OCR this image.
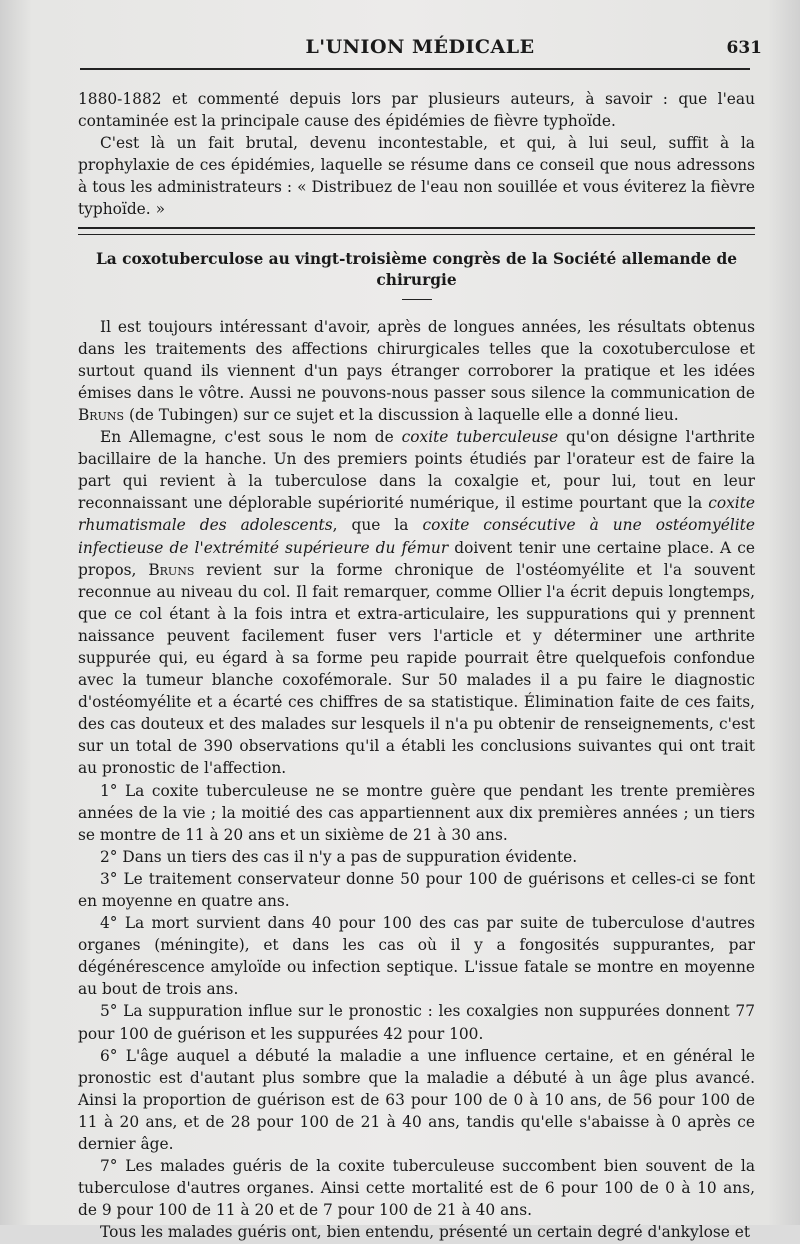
L'UNION MÉDICALE	631

1880-1882 et commenté depuis lors par plusieurs auteurs, à savoir : que l'eau contaminée est la principale cause des épidémies de fièvre typhoïde.

C'est là un fait brutal, devenu incontestable, et qui, à lui seul, suffit à la prophylaxie de ces épidémies, laquelle se résume dans ce conseil que nous adressons à tous les administrateurs : « Distribuez de l'eau non souillée et vous éviterez la fièvre typhoïde. »

La coxotuberculose au vingt-troisième congrès de la Société allemande de chirurgie

Il est toujours intéressant d'avoir, après de longues années, les résultats obtenus dans les traitements des affections chirurgicales telles que la coxotuberculose et surtout quand ils viennent d'un pays étranger corroborer la pratique et les idées émises dans le vôtre. Aussi ne pouvons-nous passer sous silence la communication de Bruns (de Tubingen) sur ce sujet et la discussion à laquelle elle a donné lieu.

En Allemagne, c'est sous le nom de coxite tuberculeuse qu'on désigne l'arthrite bacillaire de la hanche. Un des premiers points étudiés par l'orateur est de faire la part qui revient à la tuberculose dans la coxalgie et, pour lui, tout en leur reconnaissant une déplorable supériorité numérique, il estime pourtant que la coxite rhumatismale des adolescents, que la coxite consécutive à une ostéomyélite infectieuse de l'extrémité supérieure du fémur doivent tenir une certaine place. A ce propos, Bruns revient sur la forme chronique de l'ostéomyélite et l'a souvent reconnue au niveau du col. Il fait remarquer, comme Ollier l'a écrit depuis longtemps, que ce col étant à la fois intra et extra-articulaire, les suppurations qui y prennent naissance peuvent facilement fuser vers l'article et y déterminer une arthrite suppurée qui, eu égard à sa forme peu rapide pourrait être quelquefois confondue avec la tumeur blanche coxofémorale. Sur 50 malades il a pu faire le diagnostic d'ostéomyélite et a écarté ces chiffres de sa statistique. Élimination faite de ces faits, des cas douteux et des malades sur lesquels il n'a pu obtenir de renseignements, c'est sur un total de 390 observations qu'il a établi les conclusions suivantes qui ont trait au pronostic de l'affection.

1° La coxite tuberculeuse ne se montre guère que pendant les trente premières années de la vie ; la moitié des cas appartiennent aux dix premières années ; un tiers se montre de 11 à 20 ans et un sixième de 21 à 30 ans.

2° Dans un tiers des cas il n'y a pas de suppuration évidente.

3° Le traitement conservateur donne 50 pour 100 de guérisons et celles-ci se font en moyenne en quatre ans.

4° La mort survient dans 40 pour 100 des cas par suite de tuberculose d'autres organes (méningite), et dans les cas où il y a fongosités suppurantes, par dégénérescence amyloïde ou infection septique. L'issue fatale se montre en moyenne au bout de trois ans.

5° La suppuration influe sur le pronostic : les coxalgies non suppurées donnent 77 pour 100 de guérison et les suppurées 42 pour 100.

6° L'âge auquel a débuté la maladie a une influence certaine, et en général le pronostic est d'autant plus sombre que la maladie a débuté à un âge plus avancé. Ainsi la proportion de guérison est de 63 pour 100 de 0 à 10 ans, de 56 pour 100 de 11 à 20 ans, et de 28 pour 100 de 21 à 40 ans, tandis qu'elle s'abaisse à 0 après ce dernier âge.

7° Les malades guéris de la coxite tuberculeuse succombent bien souvent de la tuberculose d'autres organes. Ainsi cette mortalité est de 6 pour 100 de 0 à 10 ans, de 9 pour 100 de 11 à 20 et de 7 pour 100 de 21 à 40 ans.

Tous les malades guéris ont, bien entendu, présenté un certain degré d'ankylose et
